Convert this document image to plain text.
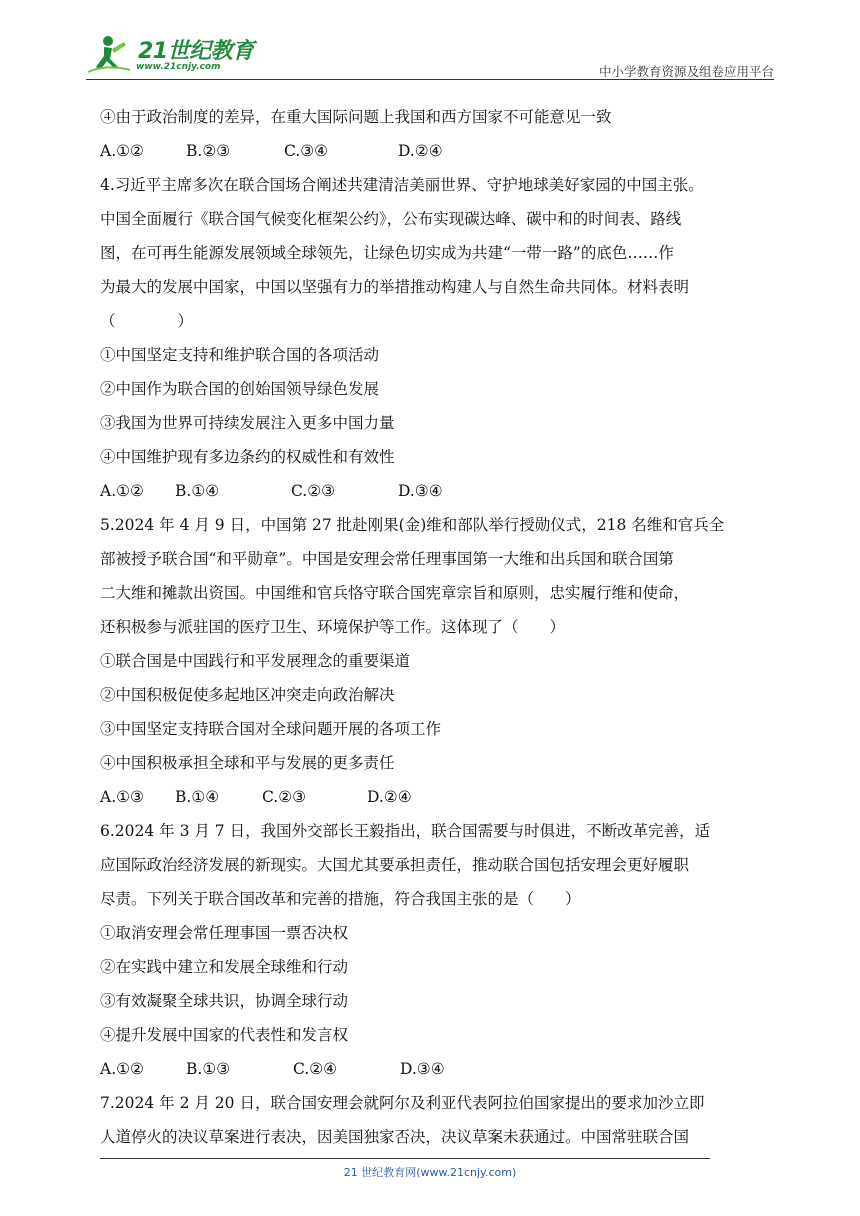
21世纪教育
www.21cnjy.com	中小学教育资源及组卷应用平台
④由于政治制度的差异，在重大国际问题上我国和西方国家不可能意见一致
A.①②	B.②③	C.③④	D.②④
4.习近平主席多次在联合国场合阐述共建清洁美丽世界、守护地球美好家园的中国主张。
中国全面履行《联合国气候变化框架公约》，公布实现碳达峰、碳中和的时间表、路线
图，在可再生能源发展领域全球领先，让绿色切实成为共建“一带一路”的底色……作
为最大的发展中国家，中国以坚强有力的举措推动构建人与自然生命共同体。材料表明
（　　　　）
①中国坚定支持和维护联合国的各项活动
②中国作为联合国的创始国领导绿色发展
③我国为世界可持续发展注入更多中国力量
④中国维护现有多边条约的权威性和有效性
A.①②	B.①④	C.②③	D.③④
5.2024 年 4 月 9 日，中国第 27 批赴刚果(金)维和部队举行授勋仪式，218 名维和官兵全
部被授予联合国“和平勋章”。中国是安理会常任理事国第一大维和出兵国和联合国第
二大维和摊款出资国。中国维和官兵恪守联合国宪章宗旨和原则，忠实履行维和使命，
还积极参与派驻国的医疗卫生、环境保护等工作。这体现了（　　）
①联合国是中国践行和平发展理念的重要渠道
②中国积极促使多起地区冲突走向政治解决
③中国坚定支持联合国对全球问题开展的各项工作
④中国积极承担全球和平与发展的更多责任
A.①③	B.①④	C.②③	D.②④
6.2024 年 3 月 7 日，我国外交部长王毅指出，联合国需要与时俱进，不断改革完善，适
应国际政治经济发展的新现实。大国尤其要承担责任，推动联合国包括安理会更好履职
尽责。下列关于联合国改革和完善的措施，符合我国主张的是（　　）
①取消安理会常任理事国一票否决权
②在实践中建立和发展全球维和行动
③有效凝聚全球共识，协调全球行动
④提升发展中国家的代表性和发言权
A.①②	B.①③	C.②④	D.③④
7.2024 年 2 月 20 日，联合国安理会就阿尔及利亚代表阿拉伯国家提出的要求加沙立即
人道停火的决议草案进行表决，因美国独家否决，决议草案未获通过。中国常驻联合国
21 世纪教育网(www.21cnjy.com)
